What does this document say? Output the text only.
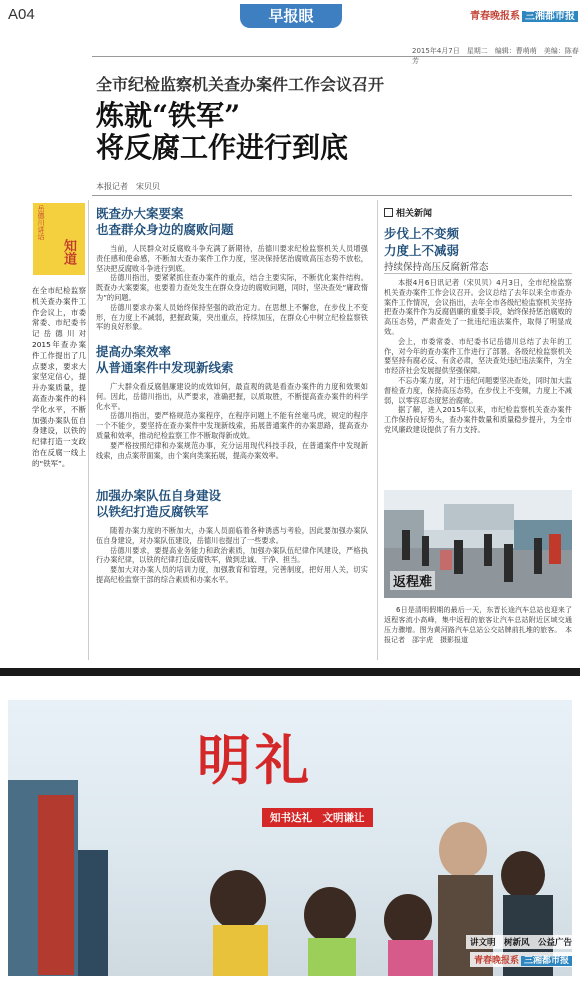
A04	早报眼	青春晚报系 三湘都市报
2015年4月7日　星期二　编辑：曹萌萌　美编：陈春芳
全市纪检监察机关查办案件工作会议召开
炼就“铁军”
将反腐工作进行到底
本报记者　宋贝贝
岳德川讲话
知道
在全市纪检监察机关查办案件工作会议上，市委常委、市纪委书记岳德川对2015年查办案件工作提出了几点要求，要求大家坚定信心，提升办案质量，提高查办案件的科学化水平，不断加强办案队伍自身建设，以铁的纪律打造一支政治在反腐一线上的“铁军”。
既查办大案要案
也查群众身边的腐败问题
当前，人民群众对反腐败斗争充满了新期待，岳德川要求纪检监察机关人员增强责任感和使命感，不断加大查办案件工作力度，坚决保持惩治腐败高压态势不放松，坚决把反腐败斗争进行到底。
岳德川指出，要紧紧抓住查办案件的重点，结合主要实际，不断优化案件结构。既查办大案要案，也要着力查处发生在群众身边的腐败问题，同时，坚决查处“庸政惰为”的问题。
岳德川要求办案人员始终保持坚强的政治定力。在思想上不懈怠，在步伐上不变形，在力度上不减弱，把握政策，突出重点，持续加压，在群众心中树立纪检监察铁军的良好形象。
提高办案效率
从普通案件中发现新线索
广大群众看反腐倡廉建设的成效如何，最直观的就是看查办案件的力度和效果如何。因此，岳德川指出，从严要求，准确把握，以质取胜，不断提高查办案件的科学化水平。
岳德川指出，要严格规范办案程序，在程序问题上不能有丝毫马虎，规定的程序一个不能少，要坚持在查办案件中发现新线索，拓展普通案件的办案思路，提高查办质量和效率，推动纪检监察工作不断取得新成效。
要严格按照纪律和办案规范办事，充分运用现代科技手段，在普通案件中发现新线索，由点案带面案，由个案向类案拓展，提高办案效率。
加强办案队伍自身建设
以铁纪打造反腐铁军
随着办案力度的不断加大，办案人员面临着各种诱惑与考验，因此要加强办案队伍自身建设，对办案队伍建设，岳德川也提出了一些要求。
岳德川要求，要提高业务能力和政治素质，加强办案队伍纪律作风建设，严格执行办案纪律，以铁的纪律打造反腐铁军，做到忠诚、干净、担当。
要加大对办案人员的培训力度，加强教育和管理，完善制度，把好用人关，切实提高纪检监察干部的综合素质和办案水平。
相关新闻
步伐上不变频
力度上不减弱
持续保持高压反腐新常态
本报4月6日讯记者（宋贝贝）4月3日，全市纪检监察机关查办案件工作会议召开。会议总结了去年以来全市查办案件工作情况，会议指出，去年全市各级纪检监察机关坚持把查办案件作为反腐倡廉的重要手段，始终保持惩治腐败的高压态势，严肃查处了一批违纪违法案件，取得了明显成效。
会上，市委常委、市纪委书记岳德川总结了去年的工作，对今年的查办案件工作进行了部署。各级纪检监察机关要坚持有腐必反、有贪必肃，坚决查处违纪违法案件，为全市经济社会发展提供坚强保障。
不忘办案力度，对于违纪问题要坚决查处，同时加大监督检查力度，保持高压态势，在步伐上不变频，力度上不减弱，以零容忍态度惩治腐败。
据了解，进入2015年以来，市纪检监察机关查办案件工作保持良好势头，查办案件数量和质量稳步提升，为全市党风廉政建设提供了有力支持。
返程难
6日是清明假期的最后一天，东晋长途汽车总站也迎来了返程客流小高峰，集中返程的旅客让汽车总站附近区域交通压力骤增。图为黄河路汽车总站公交站牌前扎堆的旅客。　本报记者　邵宇虎　摄影报道
明礼
知书达礼　文明谦让
讲文明　树新风　公益广告
青春晚报系 三湘都市报
